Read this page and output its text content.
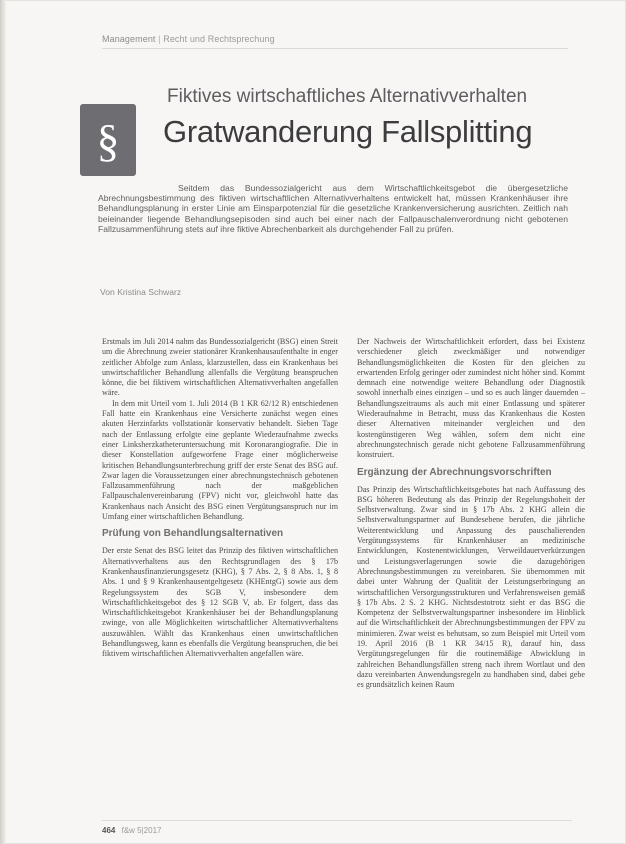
Management | Recht und Rechtsprechung
§
Fiktives wirtschaftliches Alternativverhalten
Gratwanderung Fallsplitting
Seitdem das Bundessozialgericht aus dem Wirtschaftlichkeitsgebot die übergesetzliche Abrechnungsbestimmung des fiktiven wirtschaftlichen Alternativverhaltens entwickelt hat, müssen Krankenhäuser ihre Behandlungsplanung in erster Linie am Einsparpotenzial für die gesetzliche Krankenversicherung ausrichten. Zeitlich nah beieinander liegende Behandlungsepisoden sind auch bei einer nach der Fallpauschalenverordnung nicht gebotenen Fallzusammenführung stets auf ihre fiktive Abrechenbarkeit als durchgehender Fall zu prüfen.
Von Kristina Schwarz

Erstmals im Juli 2014 nahm das Bundessozialgericht (BSG) einen Streit um die Abrechnung zweier stationärer Krankenhausaufenthalte in enger zeitlicher Abfolge zum Anlass, klarzustellen, dass ein Krankenhaus bei unwirtschaftlicher Behandlung allenfalls die Vergütung beanspruchen könne, die bei fiktivem wirtschaftlichen Alternativverhalten angefallen wäre.

In dem mit Urteil vom 1. Juli 2014 (B 1 KR 62/12 R) entschiedenen Fall hatte ein Krankenhaus eine Versicherte zunächst wegen eines akuten Herzinfarkts vollstationär konservativ behandelt. Sieben Tage nach der Entlassung erfolgte eine geplante Wiederaufnahme zwecks einer Linksherzkatheteruntersuchung mit Koronarangiografie. Die in dieser Konstellation aufgeworfene Frage einer möglicherweise kritischen Behandlungsunterbrechung griff der erste Senat des BSG auf. Zwar lagen die Voraussetzungen einer abrechnungstechnisch gebotenen Fallzusammenführung nach der maßgeblichen Fallpauschalenvereinbarung (FPV) nicht vor, gleichwohl hatte das Krankenhaus nach Ansicht des BSG einen Vergütungsanspruch nur im Umfang einer wirtschaftlichen Behandlung.

Prüfung von Behandlungsalternativen

Der erste Senat des BSG leitet das Prinzip des fiktiven wirtschaftlichen Alternativverhaltens aus den Rechtsgrundlagen des § 17b Krankenhausfinanzierungsgesetz (KHG), § 7 Abs. 2, § 8 Abs. 1, § 8 Abs. 1 und § 9 Krankenhausentgeltgesetz (KHEntgG) sowie aus dem Regelungssystem des SGB V, insbesondere dem Wirtschaftlichkeitsgebot des § 12 SGB V, ab. Er folgert, dass das Wirtschaftlichkeitsgebot Krankenhäuser bei der Behandlungsplanung zwinge, von alle Möglichkeiten wirtschaftlicher Alternativverhaltens auszuwählen. Wählt das Krankenhaus einen unwirtschaftlichen Behandlungsweg, kann es ebenfalls die Vergütung beanspruchen, die bei fiktivem wirtschaftlichen Alternativverhalten angefallen wäre.

Der Nachweis der Wirtschaftlichkeit erfordert, dass bei Existenz verschiedener gleich zweckmäßiger und notwendiger Behandlungsmöglichkeiten die Kosten für den gleichen zu erwartenden Erfolg geringer oder zumindest nicht höher sind. Kommt demnach eine notwendige weitere Behandlung oder Diagnostik sowohl innerhalb eines einzigen – und so es auch länger dauernden – Behandlungszeitraums als auch mit einer Entlassung und späterer Wiederaufnahme in Betracht, muss das Krankenhaus die Kosten dieser Alternativen miteinander vergleichen und den kostengünstigeren Weg wählen, sofern dem nicht eine abrechnungstechnisch gerade nicht gebotene Fallzusammenführung konstruiert.

Ergänzung der Abrechnungsvorschriften

Das Prinzip des Wirtschaftlichkeitsgebotes hat nach Auffassung des BSG höheren Bedeutung als das Prinzip der Regelungshoheit der Selbstverwaltung. Zwar sind in § 17b Abs. 2 KHG allein die Selbstverwaltungspartner auf Bundesebene berufen, die jährliche Weiterentwicklung und Anpassung des pauschalierenden Vergütungssystems für Krankenhäuser an medizinische Entwicklungen, Kostenentwicklungen, Verweildauerverkürzungen und Leistungsverlagerungen sowie die dazugehörigen Abrechnungsbestimmungen zu vereinbaren. Sie übernommen mit dabei unter Wahrung der Qualität der Leistungserbringung an wirtschaftlichen Versorgungsstrukturen und Verfahrensweisen gemäß § 17b Abs. 2 S. 2 KHG. Nichtsdestotrotz sieht er das BSG die Kompetenz der Selbstverwaltungspartner insbesondere im Hinblick auf die Wirtschaftlichkeit der Abrechnungsbestimmungen der FPV zu minimieren. Zwar weist es behutsam, so zum Beispiel mit Urteil vom 19. April 2016 (B 1 KR 34/15 R), darauf hin, dass Vergütungsregelungen für die routinemäßige Abwicklung in zahlreichen Behandlungsfällen streng nach ihrem Wortlaut und den dazu vereinbarten Anwendungsregeln zu handhaben sind, dabei gebe es grundsätzlich keinen Raum

464 f&w 5|2017
